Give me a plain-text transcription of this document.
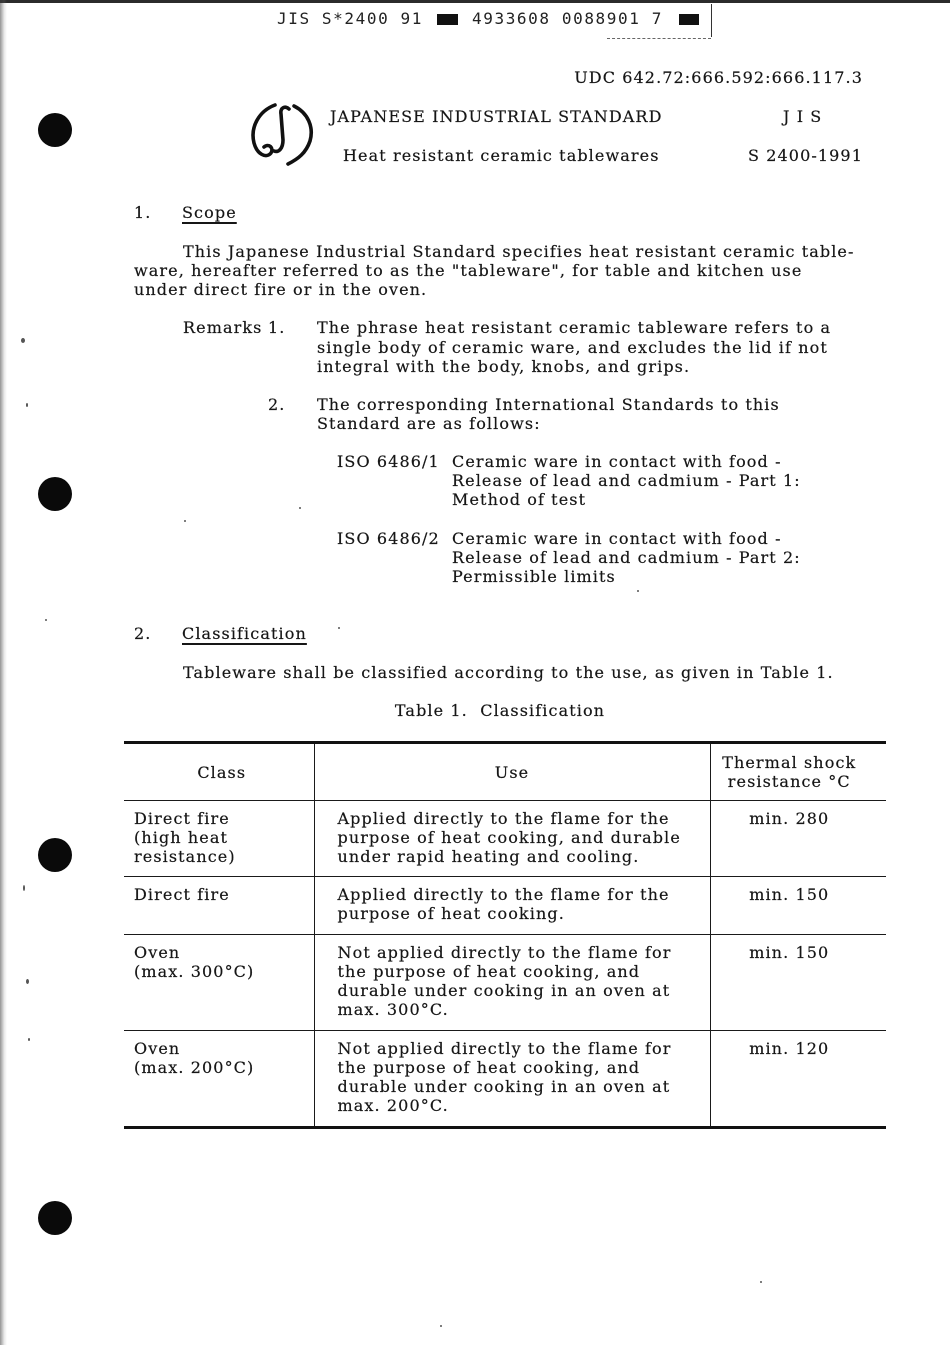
JIS S*2400 91	4933608 0088901 7
UDC 642.72:666.592:666.117.3
JAPANESE INDUSTRIAL STANDARD	J I S
Heat resistant ceramic tablewares	S 2400-1991
1. Scope
This Japanese Industrial Standard specifies heat resistant ceramic table-
ware, hereafter referred to as the "tableware", for table and kitchen use
under direct fire or in the oven.
Remarks 1. The phrase heat resistant ceramic tableware refers to a
single body of ceramic ware, and excludes the lid if not
integral with the body, knobs, and grips.
2. The corresponding International Standards to this
Standard are as follows:
ISO 6486/1 Ceramic ware in contact with food -
Release of lead and cadmium - Part 1:
Method of test
ISO 6486/2 Ceramic ware in contact with food -
Release of lead and cadmium - Part 2:
Permissible limits
2. Classification
Tableware shall be classified according to the use, as given in Table 1.
Table 1.  Classification
Class	Use	Thermal shock
resistance °C

Direct fire
(high heat
resistance)	Applied directly to the flame for the
purpose of heat cooking, and durable
under rapid heating and cooling.	min. 280

Direct fire	Applied directly to the flame for the
purpose of heat cooking.	min. 150

Oven
(max. 300°C)	Not applied directly to the flame for
the purpose of heat cooking, and
durable under cooking in an oven at
max. 300°C.	min. 150

Oven
(max. 200°C)	Not applied directly to the flame for
the purpose of heat cooking, and
durable under cooking in an oven at
max. 200°C.	min. 120
